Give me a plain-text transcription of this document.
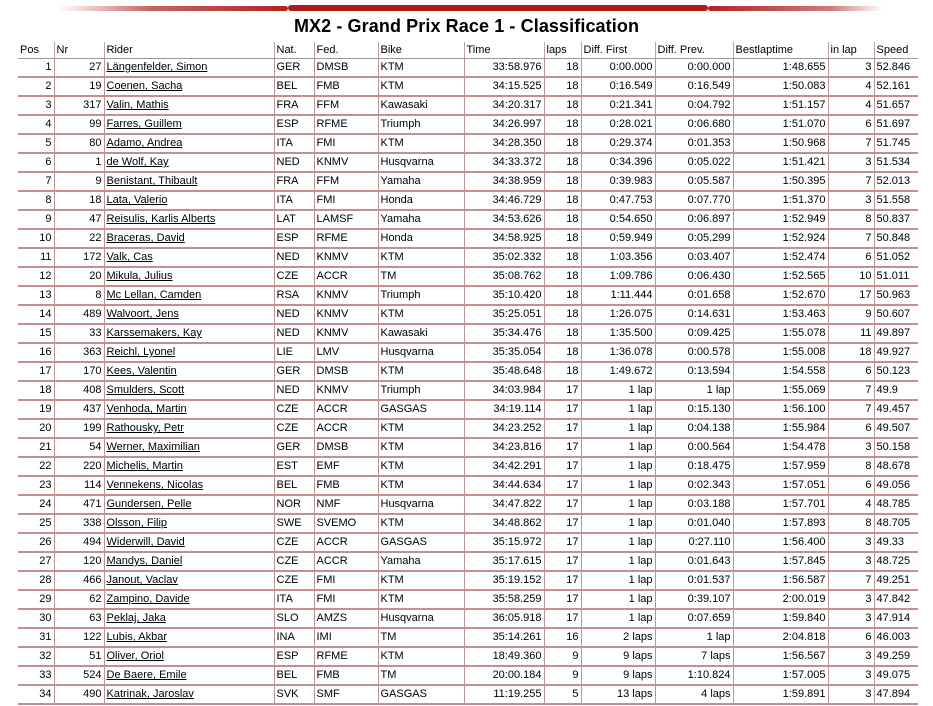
MX2 - Grand Prix Race 1 - Classification
Pos	Nr	Rider	Nat.	Fed.	Bike	Time	laps	Diff. First	Diff. Prev.	Bestlaptime	in lap	Speed
1	27	Längenfelder, Simon	GER	DMSB	KTM	33:58.976	18	0:00.000	0:00.000	1:48.655	3	52.846
2	19	Coenen, Sacha	BEL	FMB	KTM	34:15.525	18	0:16.549	0:16.549	1:50.083	4	52.161
3	317	Valin, Mathis	FRA	FFM	Kawasaki	34:20.317	18	0:21.341	0:04.792	1:51.157	4	51.657
4	99	Farres, Guillem	ESP	RFME	Triumph	34:26.997	18	0:28.021	0:06.680	1:51.070	6	51.697
5	80	Adamo, Andrea	ITA	FMI	KTM	34:28.350	18	0:29.374	0:01.353	1:50.968	7	51.745
6	1	de Wolf, Kay	NED	KNMV	Husqvarna	34:33.372	18	0:34.396	0:05.022	1:51.421	3	51.534
7	9	Benistant, Thibault	FRA	FFM	Yamaha	34:38.959	18	0:39.983	0:05.587	1:50.395	7	52.013
8	18	Lata, Valerio	ITA	FMI	Honda	34:46.729	18	0:47.753	0:07.770	1:51.370	3	51.558
9	47	Reisulis, Karlis Alberts	LAT	LAMSF	Yamaha	34:53.626	18	0:54.650	0:06.897	1:52.949	8	50.837
10	22	Braceras, David	ESP	RFME	Honda	34:58.925	18	0:59.949	0:05.299	1:52.924	7	50.848
11	172	Valk, Cas	NED	KNMV	KTM	35:02.332	18	1:03.356	0:03.407	1:52.474	6	51.052
12	20	Mikula, Julius	CZE	ACCR	TM	35:08.762	18	1:09.786	0:06.430	1:52.565	10	51.011
13	8	Mc Lellan, Camden	RSA	KNMV	Triumph	35:10.420	18	1:11.444	0:01.658	1:52.670	17	50.963
14	489	Walvoort, Jens	NED	KNMV	KTM	35:25.051	18	1:26.075	0:14.631	1:53.463	9	50.607
15	33	Karssemakers, Kay	NED	KNMV	Kawasaki	35:34.476	18	1:35.500	0:09.425	1:55.078	11	49.897
16	363	Reichl, Lyonel	LIE	LMV	Husqvarna	35:35.054	18	1:36.078	0:00.578	1:55.008	18	49.927
17	170	Kees, Valentin	GER	DMSB	KTM	35:48.648	18	1:49.672	0:13.594	1:54.558	6	50.123
18	408	Smulders, Scott	NED	KNMV	Triumph	34:03.984	17	1 lap	1 lap	1:55.069	7	49.9
19	437	Venhoda, Martin	CZE	ACCR	GASGAS	34:19.114	17	1 lap	0:15.130	1:56.100	7	49.457
20	199	Rathousky, Petr	CZE	ACCR	KTM	34:23.252	17	1 lap	0:04.138	1:55.984	6	49.507
21	54	Werner, Maximilian	GER	DMSB	KTM	34:23.816	17	1 lap	0:00.564	1:54.478	3	50.158
22	220	Michelis, Martin	EST	EMF	KTM	34:42.291	17	1 lap	0:18.475	1:57.959	8	48.678
23	114	Vennekens, Nicolas	BEL	FMB	KTM	34:44.634	17	1 lap	0:02.343	1:57.051	6	49.056
24	471	Gundersen, Pelle	NOR	NMF	Husqvarna	34:47.822	17	1 lap	0:03.188	1:57.701	4	48.785
25	338	Olsson, Filip	SWE	SVEMO	KTM	34:48.862	17	1 lap	0:01.040	1:57.893	8	48.705
26	494	Widerwill, David	CZE	ACCR	GASGAS	35:15.972	17	1 lap	0:27.110	1:56.400	3	49.33
27	120	Mandys, Daniel	CZE	ACCR	Yamaha	35:17.615	17	1 lap	0:01.643	1:57.845	3	48.725
28	466	Janout, Vaclav	CZE	FMI	KTM	35:19.152	17	1 lap	0:01.537	1:56.587	7	49.251
29	62	Zampino, Davide	ITA	FMI	KTM	35:58.259	17	1 lap	0:39.107	2:00.019	3	47.842
30	63	Peklaj, Jaka	SLO	AMZS	Husqvarna	36:05.918	17	1 lap	0:07.659	1:59.840	3	47.914
31	122	Lubis, Akbar	INA	IMI	TM	35:14.261	16	2 laps	1 lap	2:04.818	6	46.003
32	51	Oliver, Oriol	ESP	RFME	KTM	18:49.360	9	9 laps	7 laps	1:56.567	3	49.259
33	524	De Baere, Emile	BEL	FMB	TM	20:00.184	9	9 laps	1:10.824	1:57.005	3	49.075
34	490	Katrinak, Jaroslav	SVK	SMF	GASGAS	11:19.255	5	13 laps	4 laps	1:59.891	3	47.894
